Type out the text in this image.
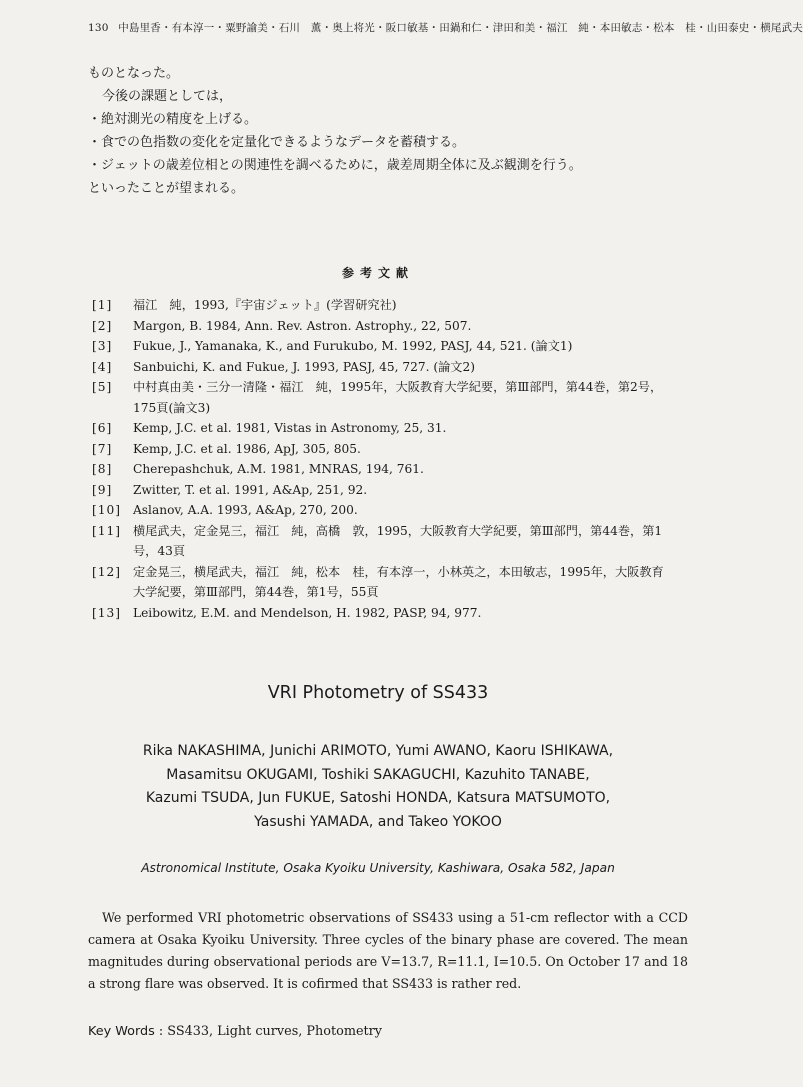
130 中島里香・有本淳一・粟野諭美・石川　薫・奥上将光・阪口敏基・田鍋和仁・津田和美・福江　純・本田敏志・松本　桂・山田泰史・横尾武夫
ものとなった。
今後の課題としては，
・絶対測光の精度を上げる。
・食での色指数の変化を定量化できるようなデータを蓄積する。
・ジェットの歳差位相との関連性を調べるために，歳差周期全体に及ぶ観測を行う。
といったことが望まれる。
参考文献
[1]	福江　純，1993,『宇宙ジェット』(学習研究社)
[2]	Margon, B. 1984, Ann. Rev. Astron. Astrophy., 22, 507.
[3]	Fukue, J., Yamanaka, K., and Furukubo, M. 1992, PASJ, 44, 521. (論文1)
[4]	Sanbuichi, K. and Fukue, J. 1993, PASJ, 45, 727. (論文2)
[5]	中村真由美・三分一清隆・福江　純，1995年，大阪教育大学紀要，第Ⅲ部門，第44巻，第2号，175頁(論文3)
[6]	Kemp, J.C. et al. 1981, Vistas in Astronomy, 25, 31.
[7]	Kemp, J.C. et al. 1986, ApJ, 305, 805.
[8]	Cherepashchuk, A.M. 1981, MNRAS, 194, 761.
[9]	Zwitter, T. et al. 1991, A&Ap, 251, 92.
[10] Aslanov, A.A. 1993, A&Ap, 270, 200.
[11] 横尾武夫，定金晃三，福江　純，高橋　敦，1995，大阪教育大学紀要，第Ⅲ部門，第44巻，第1号，43頁
[12] 定金晃三，横尾武夫，福江　純，松本　桂，有本淳一，小林英之，本田敏志，1995年，大阪教育大学紀要，第Ⅲ部門，第44巻，第1号，55頁
[13] Leibowitz, E.M. and Mendelson, H. 1982, PASP, 94, 977.
VRI Photometry of SS433
Rika NAKASHIMA, Junichi ARIMOTO, Yumi AWANO, Kaoru ISHIKAWA,
Masamitsu OKUGAMI, Toshiki SAKAGUCHI, Kazuhito TANABE,
Kazumi TSUDA, Jun FUKUE, Satoshi HONDA, Katsura MATSUMOTO,
Yasushi YAMADA, and Takeo YOKOO
Astronomical Institute, Osaka Kyoiku University, Kashiwara, Osaka 582, Japan
We performed VRI photometric observations of SS433 using a 51-cm reflector with a CCD camera at Osaka Kyoiku University. Three cycles of the binary phase are covered. The mean magnitudes during observational periods are V=13.7, R=11.1, I=10.5. On October 17 and 18 a strong flare was observed. It is cofirmed that SS433 is rather red.
Key Words : SS433, Light curves, Photometry
